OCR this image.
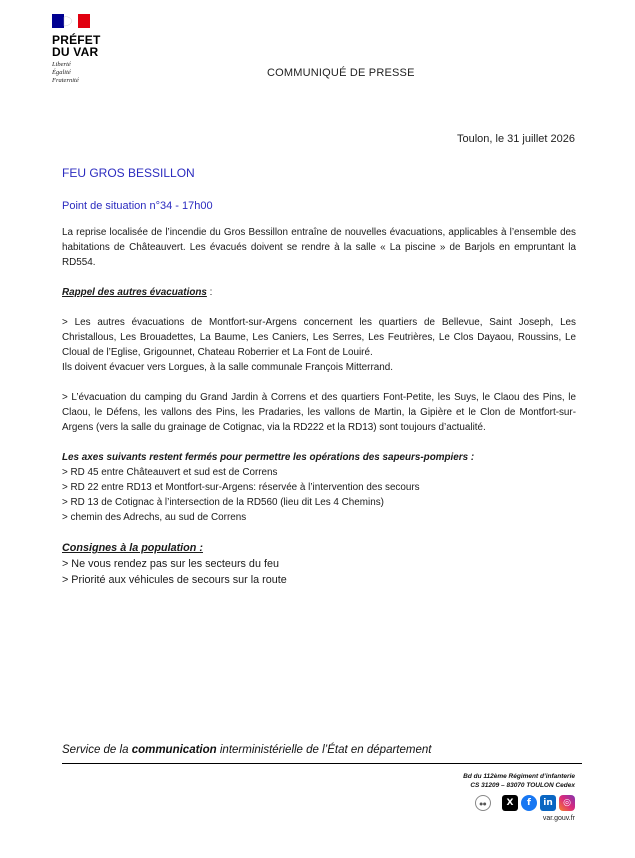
PRÉFET
DU VAR
Liberté
Égalité
Fraternité
COMMUNIQUÉ DE PRESSE
Toulon, le 31 juillet 2026
FEU GROS BESSILLON
Point de situation n°34 - 17h00

La reprise localisée de l’incendie du Gros Bessillon entraîne de nouvelles évacuations, applicables à l’ensemble des habitations de Châteauvert. Les évacués doivent se rendre à la salle « La piscine » de Barjols en empruntant la RD554.

Rappel des autres évacuations :

> Les autres évacuations de Montfort-sur-Argens concernent les quartiers de Bellevue, Saint Joseph, Les Christallous, Les Brouadettes, La Baume, Les Caniers, Les Serres, Les Feutrières, Le Clos Dayaou, Roussins, Le Cloual de l’Eglise, Grigounnet, Chateau Roberrier et La Font de Louiré.

Ils doivent évacuer vers Lorgues, à la salle communale François Mitterrand.

> L’évacuation du camping du Grand Jardin à Correns et des quartiers Font-Petite, les Suys, le Claou des Pins, le Claou, le Défens, les vallons des Pins, les Pradaries, les vallons de Martin, la Gipière et le Clon de Montfort-sur-Argens (vers la salle du grainage de Cotignac, via la RD222 et la RD13) sont toujours d’actualité.

Les axes suivants restent fermés pour permettre les opérations des sapeurs-pompiers :

> RD 45 entre Châteauvert et sud est de Correns

> RD 22 entre RD13 et Montfort-sur-Argens: réservée à l’intervention des secours

> RD 13 de Cotignac à l’intersection de la RD560 (lieu dit Les 4 Chemins)

> chemin des Adrechs, au sud de Correns

Consignes à la population :

> Ne vous rendez pas sur les secteurs du feu

> Priorité aux véhicules de secours sur la route

Service de la communication interministérielle de l’État en département
Bd du 112ème Régiment d’infanterie
CS 31209 – 83070 TOULON Cedex
●●	X	f	in	◎
var.gouv.fr
